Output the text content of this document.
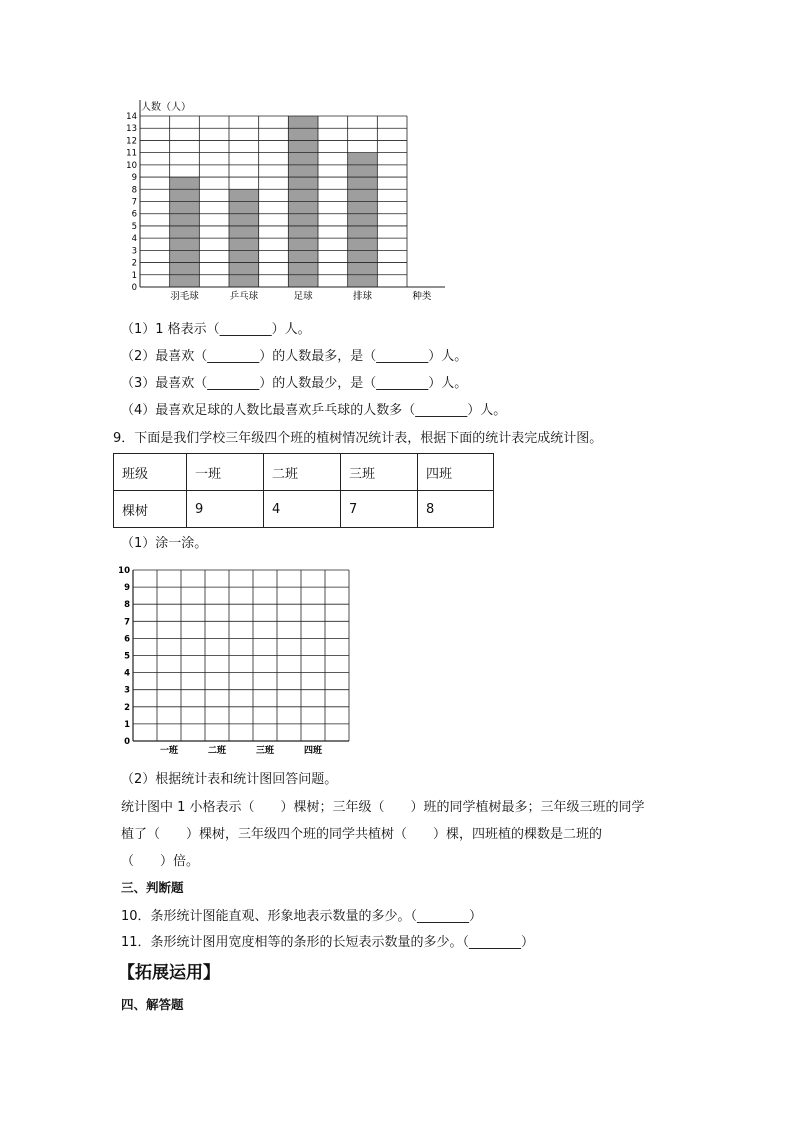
人数（人）
0
1
2
3
4
5
6
7
8
9
10
11
12
13
14
羽毛球	乒乓球	足球	排球	种类
（1）1 格表示（________）人。
（2）最喜欢（________）的人数最多，是（________）人。
（3）最喜欢（________）的人数最少，是（________）人。
（4）最喜欢足球的人数比最喜欢乒乓球的人数多（________）人。
9．下面是我们学校三年级四个班的植树情况统计表，根据下面的统计表完成统计图。
班级	一班	二班	三班	四班
棵树	9	4	7	8
（1）涂一涂。
0
1
2
3
4
5
6
7
8
9
10
一班	二班	三班	四班
（2）根据统计表和统计图回答问题。
统计图中 1 小格表示（　　）棵树；三年级（　　）班的同学植树最多；三年级三班的同学
植了（　　）棵树，三年级四个班的同学共植树（　　）棵，四班植的棵数是二班的
（　　）倍。
三、判断题
10．条形统计图能直观、形象地表示数量的多少。（________）
11．条形统计图用宽度相等的条形的长短表示数量的多少。（________）
【拓展运用】
四、解答题
